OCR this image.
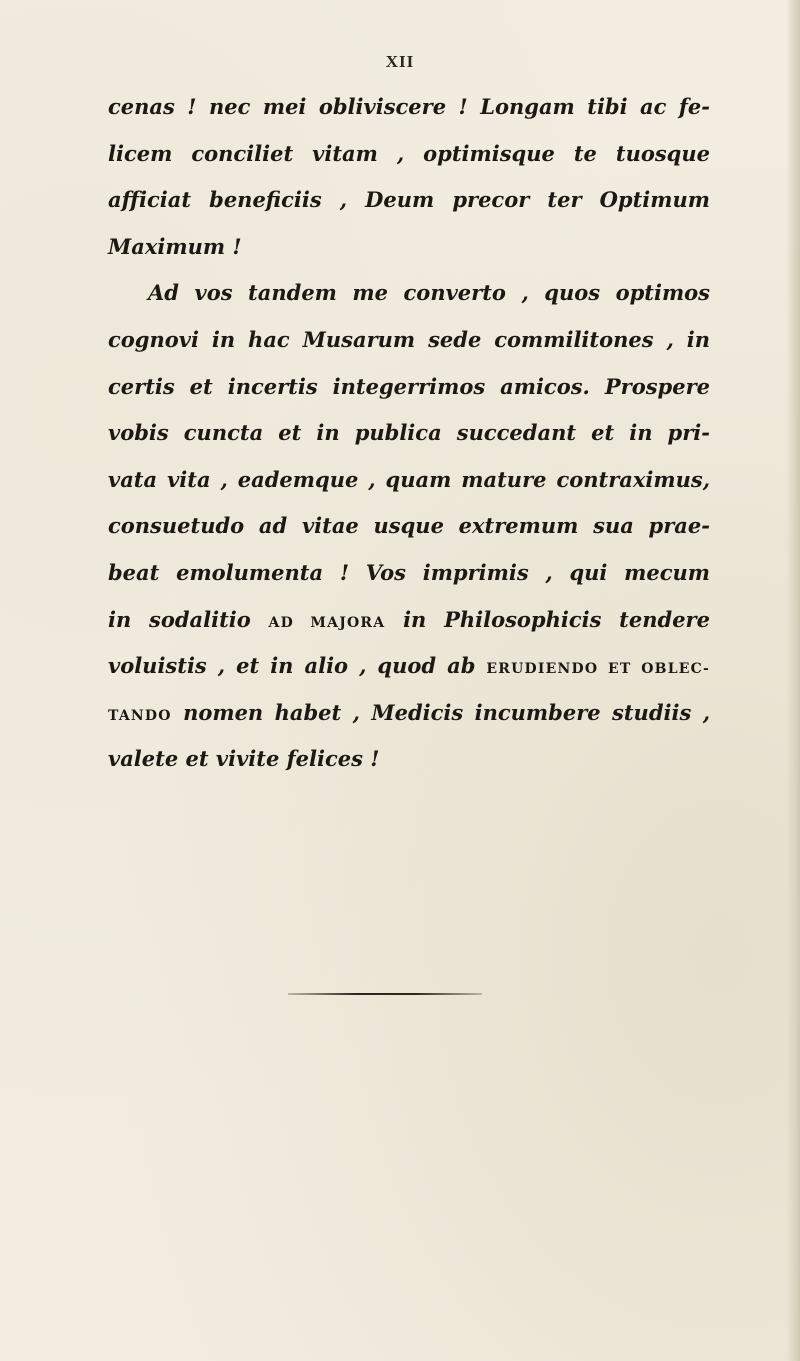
XII
cenas ! nec mei obliviscere ! Longam tibi ac fe-
licem conciliet vitam , optimisque te tuosque
afficiat beneficiis , Deum precor ter Optimum
Maximum !
Ad vos tandem me converto , quos optimos
cognovi in hac Musarum sede commilitones , in
certis et incertis integerrimos amicos. Prospere
vobis cuncta et in publica succedant et in pri-
vata vita , eademque , quam mature contraximus,
consuetudo ad vitae usque extremum sua prae-
beat emolumenta ! Vos imprimis , qui mecum
in sodalitio AD MAJORA in Philosophicis tendere
voluistis , et in alio , quod ab ERUDIENDO ET OBLEC-
TANDO nomen habet , Medicis incumbere studiis ,
valete et vivite felices !
